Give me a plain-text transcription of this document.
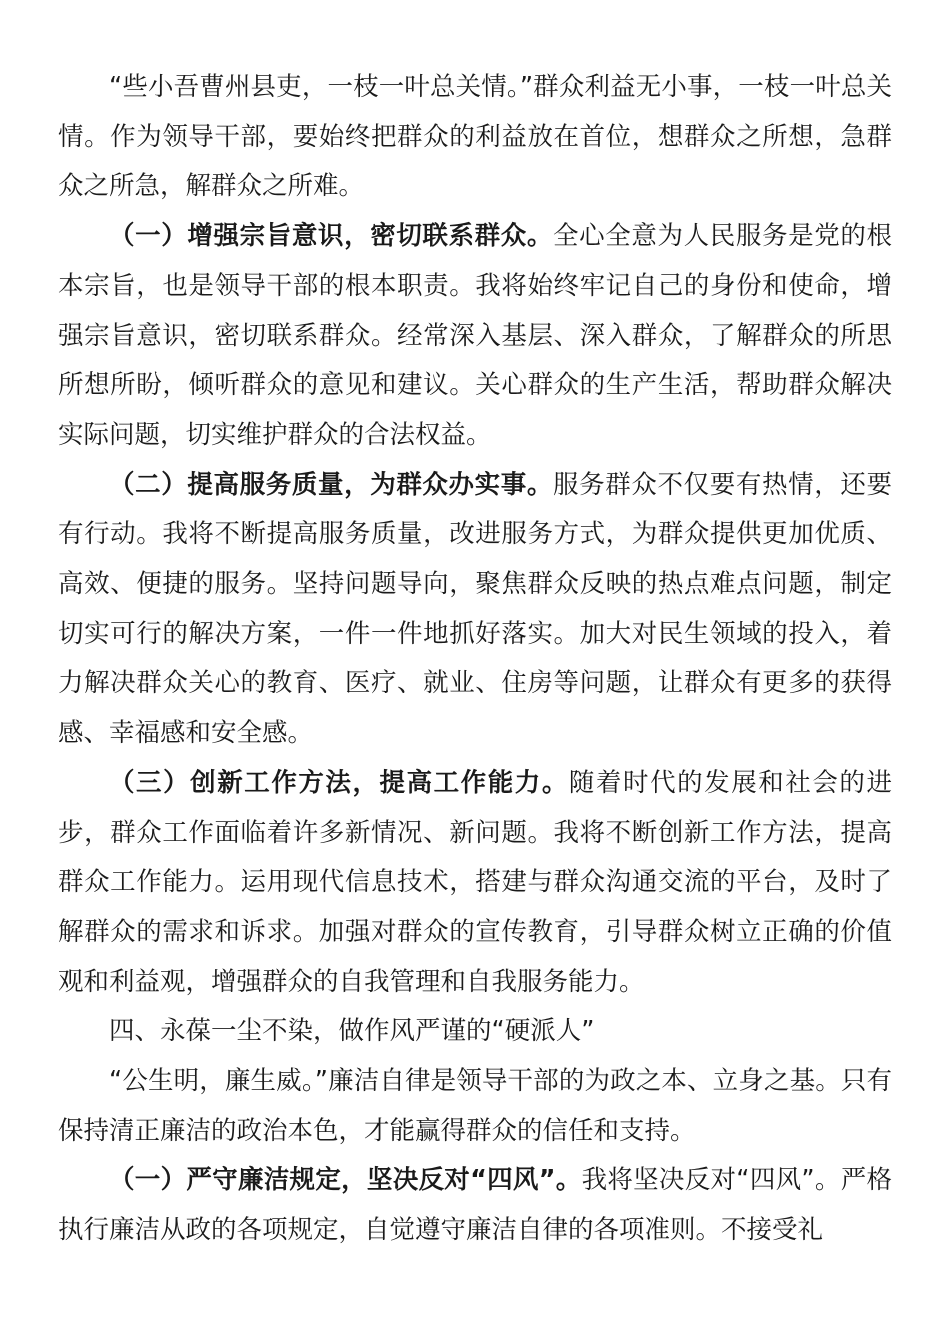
“些小吾曹州县吏，一枝一叶总关情。”群众利益无小事，一枝一叶总关情。作为领导干部，要始终把群众的利益放在首位，想群众之所想，急群众之所急，解群众之所难。

（一）增强宗旨意识，密切联系群众。全心全意为人民服务是党的根本宗旨，也是领导干部的根本职责。我将始终牢记自己的身份和使命，增强宗旨意识，密切联系群众。经常深入基层、深入群众，了解群众的所思所想所盼，倾听群众的意见和建议。关心群众的生产生活，帮助群众解决实际问题，切实维护群众的合法权益。

（二）提高服务质量，为群众办实事。服务群众不仅要有热情，还要有行动。我将不断提高服务质量，改进服务方式，为群众提供更加优质、高效、便捷的服务。坚持问题导向，聚焦群众反映的热点难点问题，制定切实可行的解决方案，一件一件地抓好落实。加大对民生领域的投入，着力解决群众关心的教育、医疗、就业、住房等问题，让群众有更多的获得感、幸福感和安全感。

（三）创新工作方法，提高工作能力。随着时代的发展和社会的进步，群众工作面临着许多新情况、新问题。我将不断创新工作方法，提高群众工作能力。运用现代信息技术，搭建与群众沟通交流的平台，及时了解群众的需求和诉求。加强对群众的宣传教育，引导群众树立正确的价值观和利益观，增强群众的自我管理和自我服务能力。

四、永葆一尘不染，做作风严谨的“硬派人”

“公生明，廉生威。”廉洁自律是领导干部的为政之本、立身之基。只有保持清正廉洁的政治本色，才能赢得群众的信任和支持。

（一）严守廉洁规定，坚决反对“四风”。我将坚决反对“四风”。严格执行廉洁从政的各项规定，自觉遵守廉洁自律的各项准则。不接受礼
